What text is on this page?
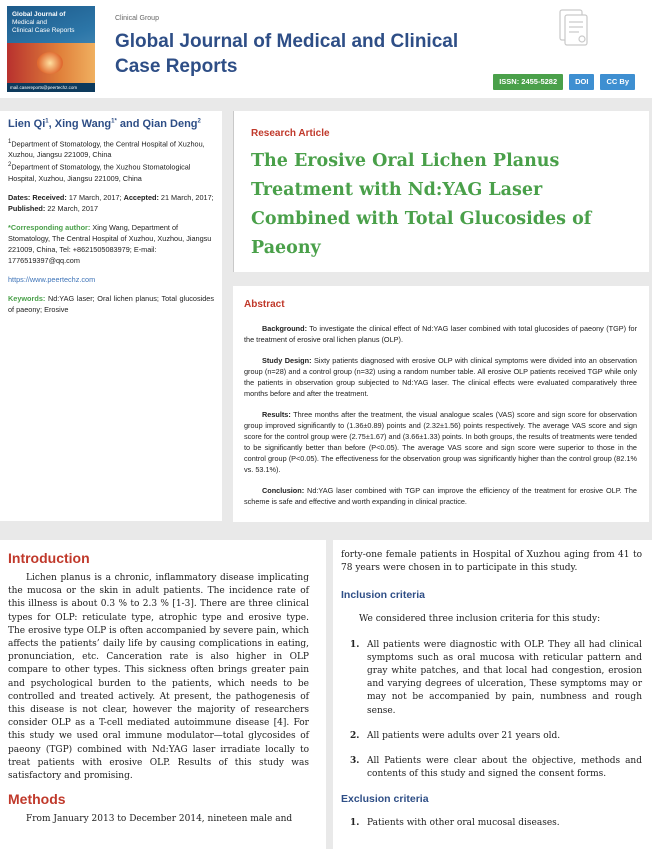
Global Journal of
Medical and
Clinical Case Reports
mail.casereports@peertechz.com
Clinical Group
Global Journal of Medical and Clinical Case Reports
ISSN: 2455-5282	DOI	CC By
Lien Qi$^1$, Xing Wang$^{1*}$ and Qian Deng$^2$
$^1$Department of Stomatology, the Central Hospital of Xuzhou, Xuzhou, Jiangsu 221009, China
$^2$Department of Stomatology, the Xuzhou Stomatological Hospital, Xuzhou, Jiangsu 221009, China
Dates: Received: 17 March, 2017; Accepted: 21 March, 2017; Published: 22 March, 2017
*Corresponding author: Xing Wang, Department of Stomatology, The Central Hospital of Xuzhou, Xuzhou, Jiangsu 221009, China, Tel: +8621505083979; E-mail: 1776519397@qq.com
https://www.peertechz.com
Keywords: Nd:YAG laser; Oral lichen planus; Total glucosides of paeony; Erosive
Research Article
The Erosive Oral Lichen Planus Treatment with Nd:YAG Laser Combined with Total Glucosides of Paeony
Abstract

Background: To investigate the clinical effect of Nd:YAG laser combined with total glucosides of paeony (TGP) for the treatment of erosive oral lichen planus (OLP).

Study Design: Sixty patients diagnosed with erosive OLP with clinical symptoms were divided into an observation group (n=28) and a control group (n=32) using a random number table. All erosive OLP patients received TGP while only the patients in observation group subjected to Nd:YAG laser. The clinical effects were evaluated comparatively three months before and after the treatment.

Results: Three months after the treatment, the visual analogue scales (VAS) score and sign score for observation group improved significantly to (1.36±0.89) points and (2.32±1.56) points respectively. The average VAS score and sign score for the control group were (2.75±1.67) and (3.66±1.33) points. In both groups, the results of treatments were tended to be significantly better than before (P<0.05). The average VAS score and sign score were superior to those in the control group (P<0.05). The effectiveness for the observation group was significantly higher than the control group (82.1% vs. 53.1%).

Conclusion: Nd:YAG laser combined with TGP can improve the efficiency of the treatment for erosive OLP. The scheme is safe and effective and worth expanding in clinical practice.

Introduction

Lichen planus is a chronic, inflammatory disease implicating the mucosa or the skin in adult patients. The incidence rate of this illness is about 0.3 % to 2.3 % [1-3]. There are three clinical types for OLP: reticulate type, atrophic type and erosive type. The erosive type OLP is often accompanied by severe pain, which affects the patients’ daily life by causing complications in eating, pronunciation, etc. Canceration rate is also higher in OLP compare to other types. This sickness often brings greater pain and psychological burden to the patients, which needs to be controlled and treated actively. At present, the pathogenesis of this disease is not clear, however the majority of researchers consider OLP as a T-cell mediated autoimmune disease [4]. For this study we used oral immune modulator—total glycosides of paeony (TGP) combined with Nd:YAG laser irradiate locally to treat patients with erosive OLP. Results of this study was satisfactory and promising.

Methods

From January 2013 to December 2014, nineteen male and

forty-one female patients in Hospital of Xuzhou aging from 41 to 78 years were chosen in to participate in this study.

Inclusion criteria

We considered three inclusion criteria for this study:

1. All patients were diagnostic with OLP. They all had clinical symptoms such as oral mucosa with reticular pattern and gray white patches, and that local had congestion, erosion and varying degrees of ulceration, These symptoms may or may not be accompanied by pain, numbness and rough sense.
2. All patients were adults over 21 years old.
3. All Patients were clear about the objective, methods and contents of this study and signed the consent forms.
Exclusion criteria
1. Patients with other oral mucosal diseases.
